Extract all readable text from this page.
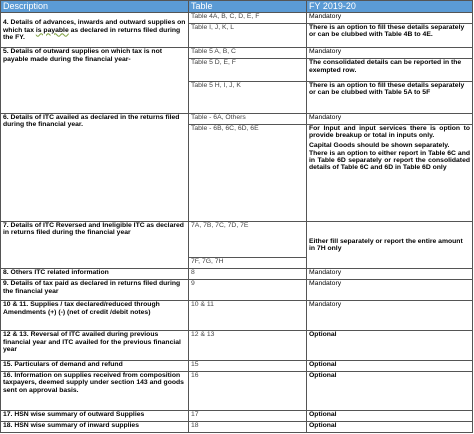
Description	Table	FY 2019-20
4. Details of advances, inwards and outward supplies on which tax is payable as declared in returns filed during the FY.	Table 4A, B, C, D, E, F	Mandatory
	Table I, J, K, L	There is an option to fill these details separately or can be clubbed with Table 4B to 4E.
5. Details of outward supplies on which tax is not payable made during the financial year-	Table 5 A, B, C	Mandatory
	Table 5 D, E, F	The consolidated details can be reported in the exempted row.
	Table 5 H, I, J, K	There is an option to fill these details separately or can be clubbed with Table 5A to 5F
6. Details of ITC availed as declared in the returns filed during the financial year.	Table - 6A, Others	Mandatory
	Table - 6B, 6C, 6D, 6E	For Input and input services there is option to provide breakup or total in inputs only.
Capital Goods should be shown separately.
There is an option to either report in Table 6C and in Table 6D separately or report the consolidated details of Table 6C and 6D in Table 6D only
7. Details of ITC Reversed and Ineligible ITC as declared in returns filed during the financial year	7A, 7B, 7C, 7D, 7E	Either fill separately or report the entire amount in 7H only
	7F, 7G, 7H	
8. Others ITC related information	8	Mandatory
9. Details of tax paid as declared in returns filed during the financial year	9	Mandatory
10 & 11. Supplies / tax declared/reduced through Amendments (+) (-) (net of credit /debit notes)	10 & 11	Mandatory
12 & 13. Reversal of ITC availed during previous financial year and ITC availed for the previous financial year	12 & 13	Optional
15. Particulars of demand and refund	15	Optional
16. Information on supplies received from composition taxpayers, deemed supply under section 143 and goods sent on approval basis.	16	Optional
17. HSN wise summary of outward Supplies	17	Optional
18. HSN wise summary of inward supplies	18	Optional
